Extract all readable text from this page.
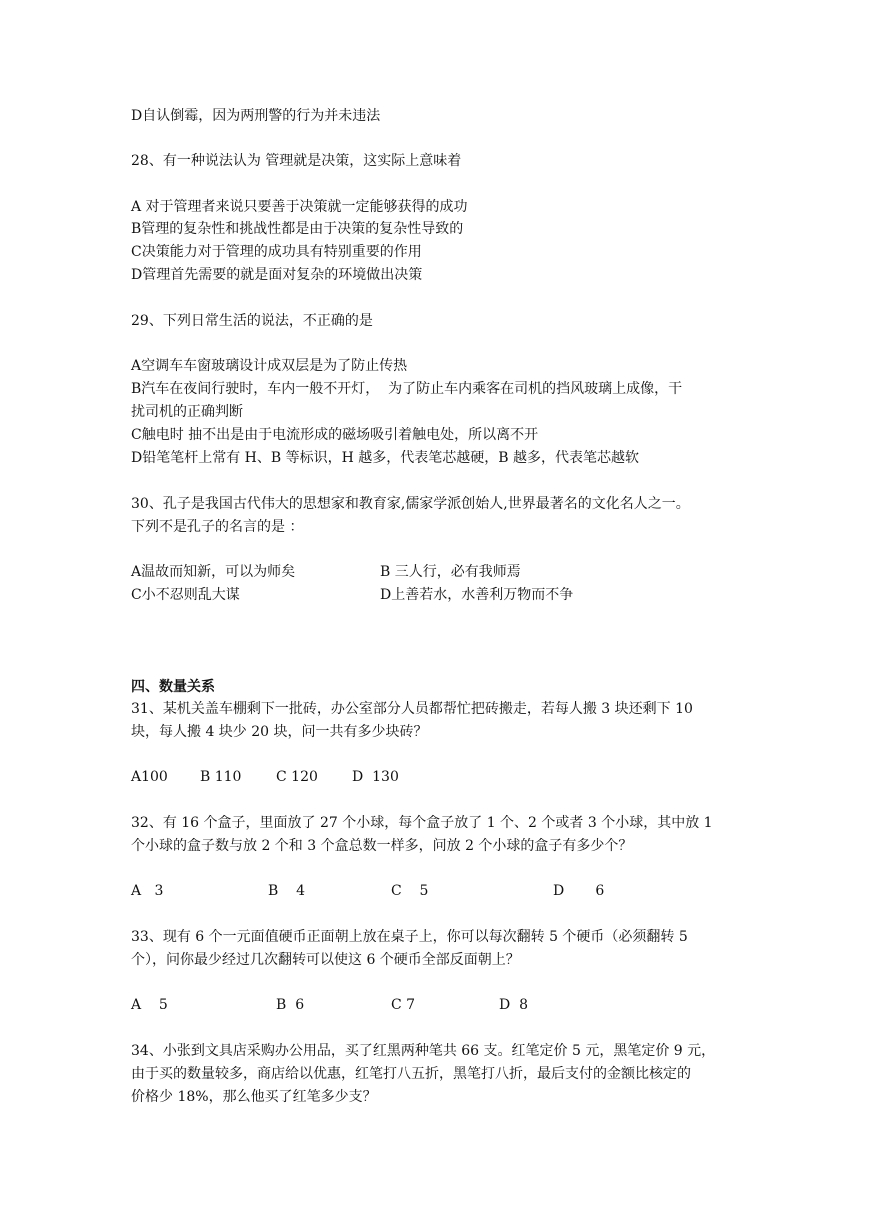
D自认倒霉，因为两刑警的行为并未违法
28、有一种说法认为 管理就是决策，这实际上意味着
A 对于管理者来说只要善于决策就一定能够获得的成功
B管理的复杂性和挑战性都是由于决策的复杂性导致的
C决策能力对于管理的成功具有特别重要的作用
D管理首先需要的就是面对复杂的环境做出决策
29、下列日常生活的说法，不正确的是
A空调车车窗玻璃设计成双层是为了防止传热
B汽车在夜间行驶时，车内一般不开灯，  为了防止车内乘客在司机的挡风玻璃上成像，干
扰司机的正确判断
C触电时 抽不出是由于电流形成的磁场吸引着触电处，所以离不开
D铅笔笔杆上常有 H、B 等标识，H 越多，代表笔芯越硬，B 越多，代表笔芯越软
30、孔子是我国古代伟大的思想家和教育家,儒家学派创始人,世界最著名的文化名人之一。
下列不是孔子的名言的是 ：
A温故而知新，可以为师矣	B 三人行，必有我师焉
C小不忍则乱大谋	D上善若水，水善利万物而不争
四、数量关系
31、某机关盖车棚剩下一批砖，办公室部分人员都帮忙把砖搬走，若每人搬 3 块还剩下 10
块，每人搬 4 块少 20 块，问一共有多少块砖？
A100 B 110 C 120 D  130
32、有 16 个盒子，里面放了 27 个小球，每个盒子放了 1 个、2 个或者 3 个小球，其中放 1
个小球的盒子数与放 2 个和 3 个盒总数一样多，问放 2 个小球的盒子有多少个？
A   3	B    4	C    5	D       6
33、现有 6 个一元面值硬币正面朝上放在桌子上，你可以每次翻转 5 个硬币（必须翻转 5
个），问你最少经过几次翻转可以使这 6 个硬币全部反面朝上？
A    5	B  6	C 7	D  8
34、小张到文具店采购办公用品，买了红黑两种笔共 66 支。红笔定价 5 元，黑笔定价 9 元，
由于买的数量较多，商店给以优惠，红笔打八五折，黑笔打八折，最后支付的金额比核定的
价格少 18%，那么他买了红笔多少支？
